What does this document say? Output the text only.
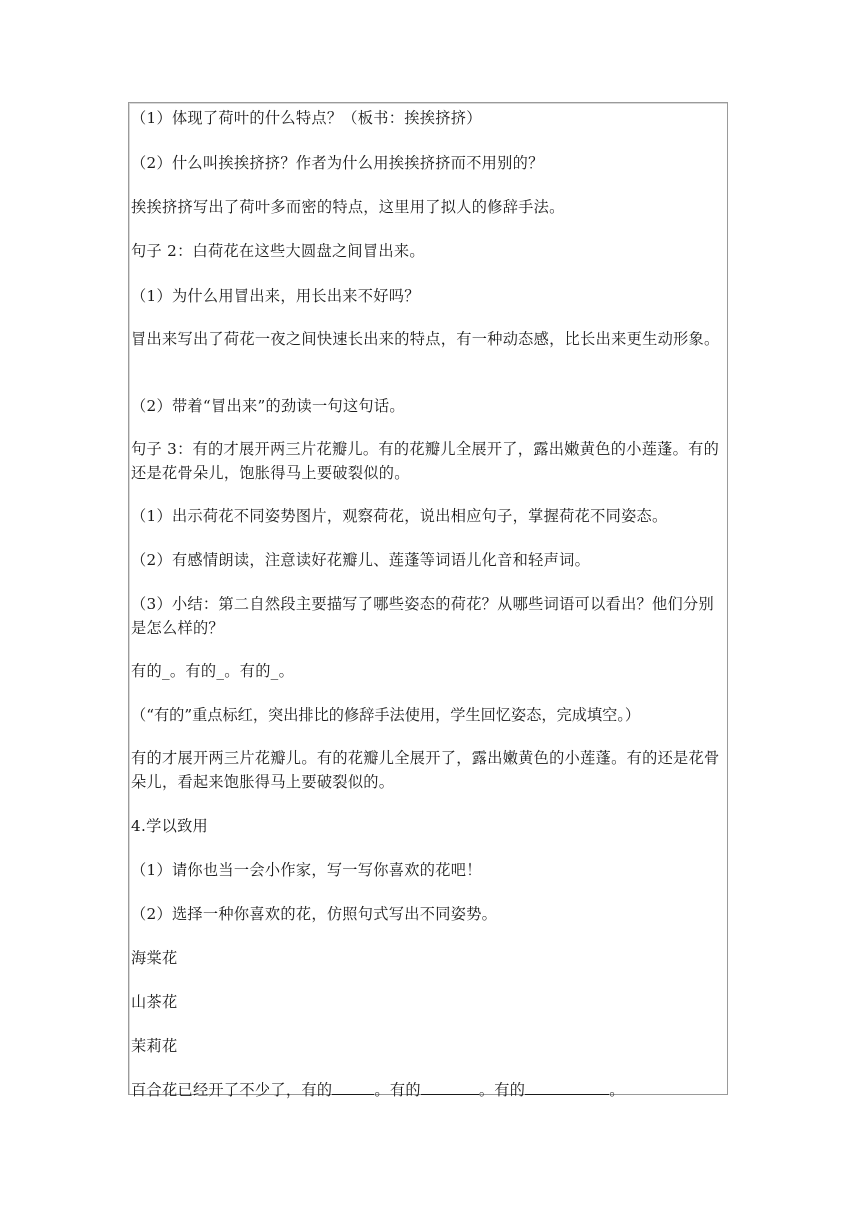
（1）体现了荷叶的什么特点？（板书：挨挨挤挤）

（2）什么叫挨挨挤挤？作者为什么用挨挨挤挤而不用别的？

挨挨挤挤写出了荷叶多而密的特点，这里用了拟人的修辞手法。

句子 2：白荷花在这些大圆盘之间冒出来。

（1）为什么用冒出来，用长出来不好吗？

冒出来写出了荷花一夜之间快速长出来的特点，有一种动态感，比长出来更生动形象。

（2）带着“冒出来”的劲读一句这句话。

句子 3：有的才展开两三片花瓣儿。有的花瓣儿全展开了，露出嫩黄色的小莲蓬。有的还是花骨朵儿，饱胀得马上要破裂似的。

（1）出示荷花不同姿势图片，观察荷花，说出相应句子，掌握荷花不同姿态。

（2）有感情朗读，注意读好花瓣儿、莲蓬等词语儿化音和轻声词。

（3）小结：第二自然段主要描写了哪些姿态的荷花？从哪些词语可以看出？他们分别是怎么样的？

有的_。有的_。有的_。

（“有的”重点标红，突出排比的修辞手法使用，学生回忆姿态，完成填空。）

有的才展开两三片花瓣儿。有的花瓣儿全展开了，露出嫩黄色的小莲蓬。有的还是花骨朵儿，看起来饱胀得马上要破裂似的。

4.学以致用

（1）请你也当一会小作家，写一写你喜欢的花吧！

（2）选择一种你喜欢的花，仿照句式写出不同姿势。

海棠花

山茶花

茉莉花

百合花已经开了不少了，有的	。有的	。有的	。
